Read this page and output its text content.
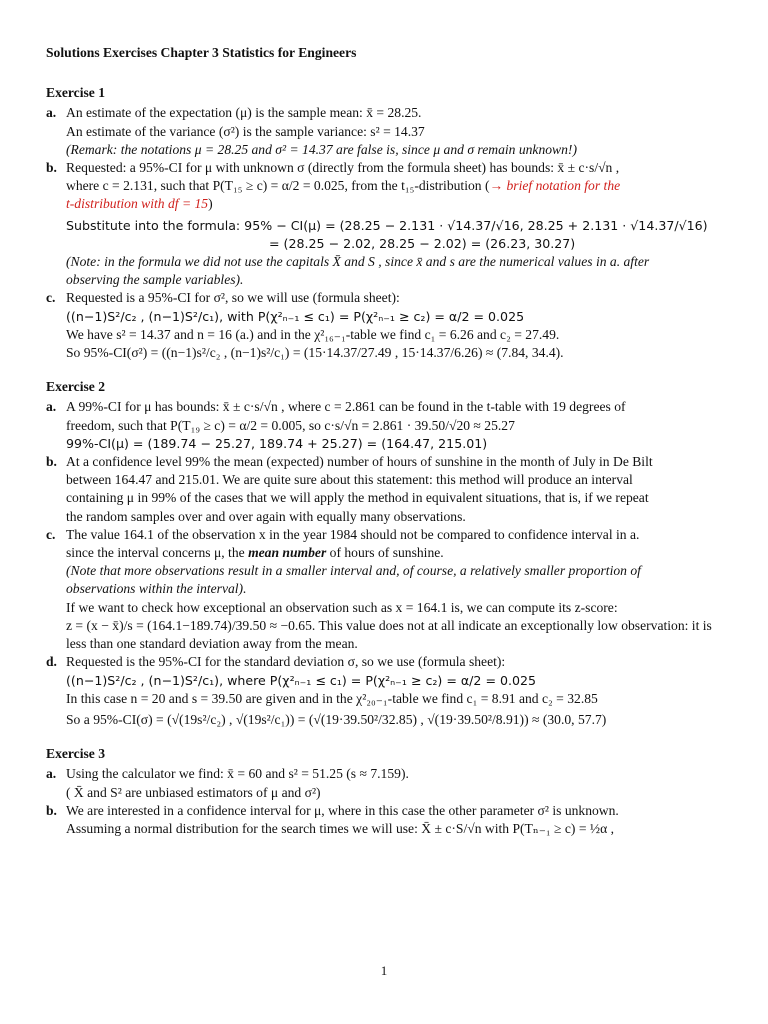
Solutions Exercises Chapter 3 Statistics for Engineers
Exercise 1
a. An estimate of the expectation (μ) is the sample mean: x̄ = 28.25.
An estimate of the variance (σ²) is the sample variance: s² = 14.37
(Remark: the notations μ = 28.25 and σ² = 14.37 are false is, since μ and σ remain unknown!)
b. Requested: a 95%-CI for μ with unknown σ (directly from the formula sheet) has bounds: x̄ ± c·s/√n ,
where c = 2.131, such that P(T₁₅ ≥ c) = α/2 = 0.025, from the t₁₅-distribution (→ brief notation for the
t-distribution with df = 15)
Substitute into the formula: 95% − CI(μ) = (28.25 − 2.131 · √14.37/√16, 28.25 + 2.131 · √14.37/√16)
= (28.25 − 2.02, 28.25 − 2.02) = (26.23, 30.27)
(Note: in the formula we did not use the capitals X̄ and S , since x̄ and s are the numerical values in a. after
observing the sample variables).
c. Requested is a 95%-CI for σ², so we will use (formula sheet):
((n−1)S²/c₂ , (n−1)S²/c₁), with P(χ²ₙ₋₁ ≤ c₁) = P(χ²ₙ₋₁ ≥ c₂) = α/2 = 0.025
We have s² = 14.37 and n = 16 (a.) and in the χ²₁₆₋₁-table we find c₁ = 6.26 and c₂ = 27.49.
So 95%-CI(σ²) = ((n−1)s²/c₂ , (n−1)s²/c₁) = (15·14.37/27.49 , 15·14.37/6.26) ≈ (7.84, 34.4).
Exercise 2
a. A 99%-CI for μ has bounds: x̄ ± c·s/√n , where c = 2.861 can be found in the t-table with 19 degrees of
freedom, such that P(T₁₉ ≥ c) = α/2 = 0.005, so c·s/√n = 2.861 · 39.50/√20 ≈ 25.27
99%-CI(μ) = (189.74 − 25.27, 189.74 + 25.27) = (164.47, 215.01)
b. At a confidence level 99% the mean (expected) number of hours of sunshine in the month of July in De Bilt
between 164.47 and 215.01. We are quite sure about this statement: this method will produce an interval
containing μ in 99% of the cases that we will apply the method in equivalent situations, that is, if we repeat
the random samples over and over again with equally many observations.
c. The value 164.1 of the observation x in the year 1984 should not be compared to confidence interval in a.
since the interval concerns μ, the mean number of hours of sunshine.
(Note that more observations result in a smaller interval and, of course, a relatively smaller proportion of
observations within the interval).
If we want to check how exceptional an observation such as x = 164.1 is, we can compute its z-score:
z = (x − x̄)/s = (164.1−189.74)/39.50 ≈ −0.65. This value does not at all indicate an exceptionally low observation: it is
less than one standard deviation away from the mean.
d. Requested is the 95%-CI for the standard deviation σ, so we use (formula sheet):
((n−1)S²/c₂ , (n−1)S²/c₁), where P(χ²ₙ₋₁ ≤ c₁) = P(χ²ₙ₋₁ ≥ c₂) = α/2 = 0.025
In this case n = 20 and s = 39.50 are given and in the χ²₂₀₋₁-table we find c₁ = 8.91 and c₂ = 32.85
So a 95%-CI(σ) = (√(19s²/c₂) , √(19s²/c₁)) = (√(19·39.50²/32.85) , √(19·39.50²/8.91)) ≈ (30.0, 57.7)
Exercise 3
a. Using the calculator we find: x̄ = 60 and s² = 51.25 (s ≈ 7.159).
( X̄ and S² are unbiased estimators of μ and σ²)
b. We are interested in a confidence interval for μ, where in this case the other parameter σ² is unknown.
Assuming a normal distribution for the search times we will use: X̄ ± c·S/√n with P(Tₙ₋₁ ≥ c) = ½α ,
1
